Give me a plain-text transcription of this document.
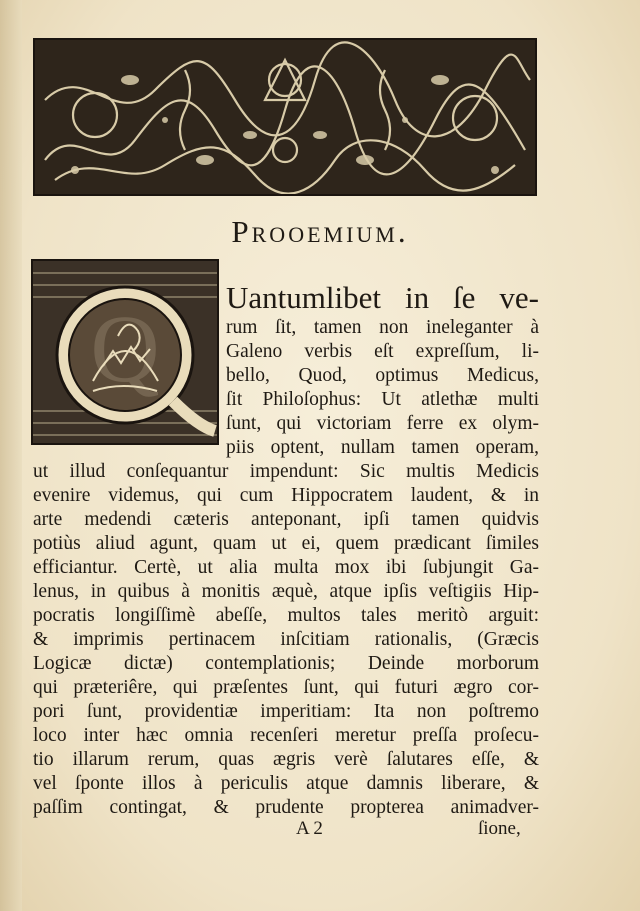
Prooemium.
Q Uantumlibet in ſe ve-
rum ſit, tamen non ineleganter à
Galeno verbis eſt expreſſum, li-
bello, Quod, optimus Medicus,
ſit Philoſophus: Ut atlethæ multi
ſunt, qui victoriam ferre ex olym-
piis optent, nullam tamen operam,
ut illud conſequantur impendunt: Sic multis Medicis
evenire videmus, qui cum Hippocratem laudent, & in
arte medendi cæteris anteponant, ipſi tamen quidvis
potiùs aliud agunt, quam ut ei, quem prædicant ſimiles
efficiantur. Certè, ut alia multa mox ibi ſubjungit Ga-
lenus, in quibus à monitis æquè, atque ipſis veſtigiis Hip-
pocratis longiſſimè abeſſe, multos tales meritò arguit:
& imprimis pertinacem inſcitiam rationalis, (Græcis
Logicæ dictæ) contemplationis; Deinde morborum
qui præteriêre, qui præſentes ſunt, qui futuri ægro cor-
pori ſunt, providentiæ imperitiam: Ita non poſtremo
loco inter hæc omnia recenſeri meretur preſſa proſecu-
tio illarum rerum, quas ægris verè ſalutares eſſe, &
vel ſponte illos à periculis atque damnis liberare, &
paſſim contingat, & prudente propterea animadver-
A 2	ſione,
